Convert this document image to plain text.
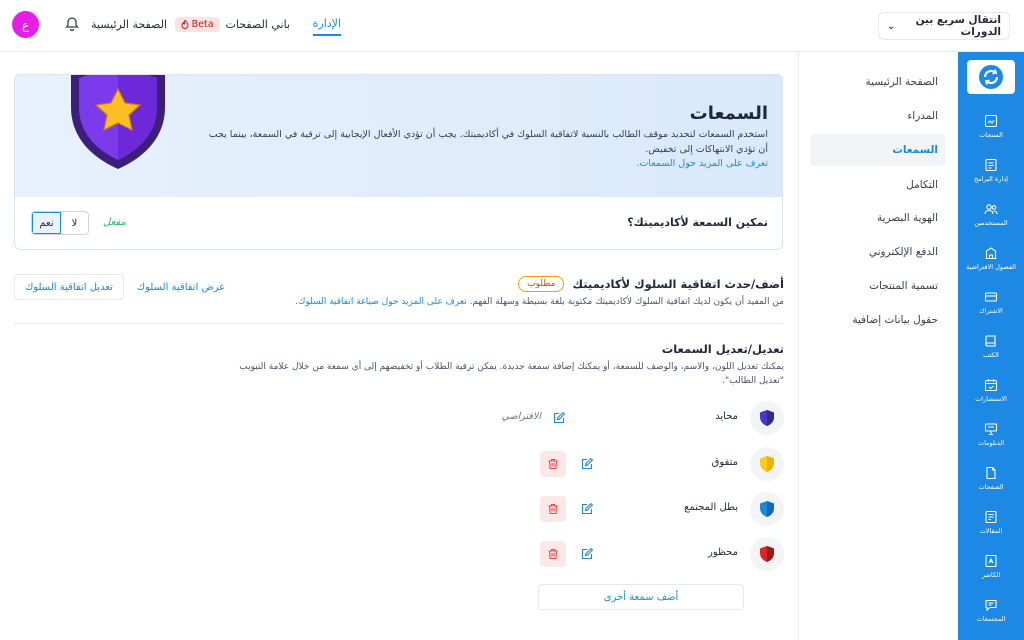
انتقال سريع بين الدورات
⌄
الإدارة
باني الصفحات
Beta
الصفحة الرئيسية
ع
المنتجات
إدارة البرامج
المستخدمين
الفصول الافتراضية
الاشتراك
الكتب
الاستشارات
الدبلومات
الصفحات
المقالات
الكاشر
المجتمعات
الصفحة الرئيسية
المدراء
السمعات
التكامل
الهوية البصرية
الدفع الإلكتروني
تسمية المنتجات
حقول بيانات إضافية
السمعات
استخدم السمعات لتحديد موقف الطالب بالنسبة لاتفاقية السلوك في أكاديميتك. يجب أن تؤدي الأفعال الإيجابية إلى ترقية في السمعة، بينما يجب أن تؤدي الانتهاكات إلى تخفيض.
تعرف على المزيد حول السمعات.
تمكين السمعة لأكاديميتك؟
مفعل
نعم	لا
أضف/حدث اتفاقية السلوك لأكاديميتك
مطلوب
من المفيد أن يكون لديك اتفاقية السلوك لأكاديميتك مكتوبة بلغة بسيطة وسهلة الفهم. تعرف على المزيد حول صياغة اتفاقية السلوك.
عرض اتفاقية السلوك
تعديل اتفاقية السلوك
تعديل/تعديل السمعات
يمكنك تعديل اللون، والاسم، والوصف للسمعة، أو يمكنك إضافة سمعة جديدة. يمكن ترقية الطلاب أو تخفيضهم إلى أي سمعة من خلال علامة التبويب "تعديل الطالب".
محايد
الافتراضي
متفوق
بطل المجتمع
محظور
أضف سمعة أخرى
